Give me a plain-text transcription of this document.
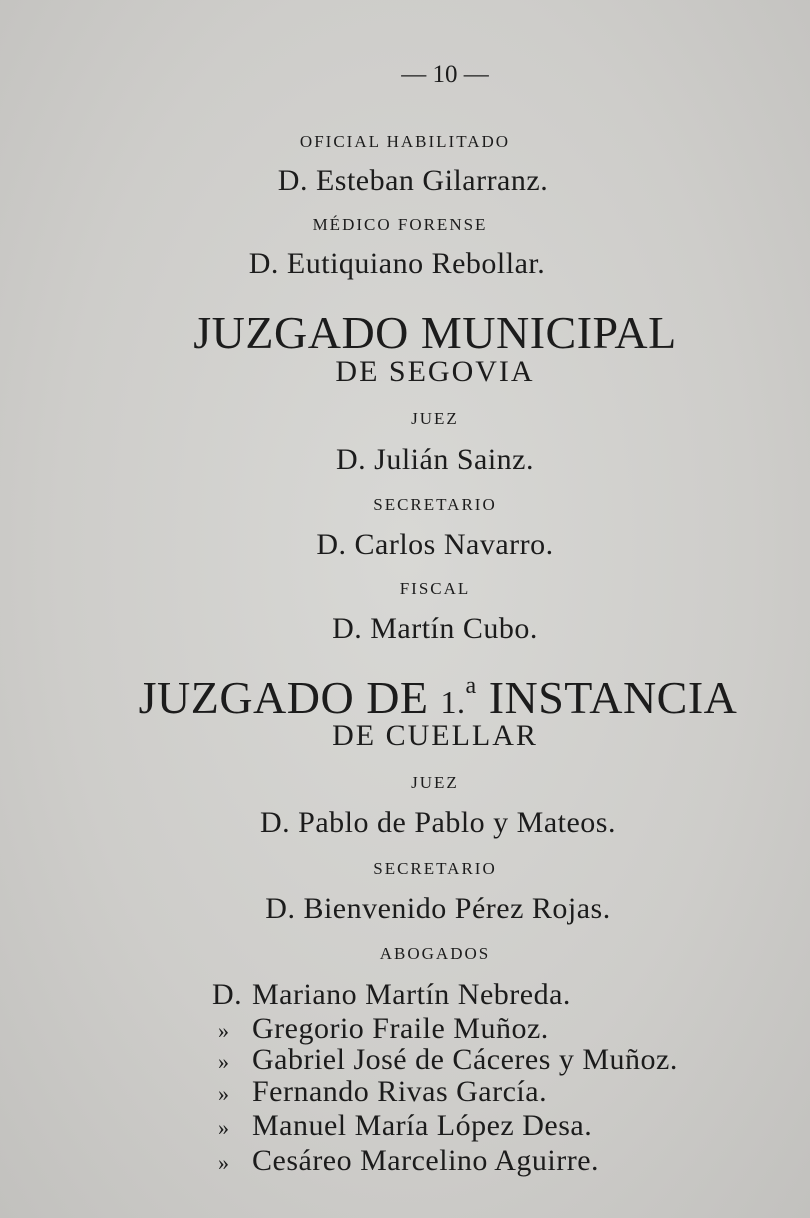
— 10 —
OFICIAL HABILITADO
D. Esteban Gilarranz.
MÉDICO FORENSE
D. Eutiquiano Rebollar.
JUZGADO MUNICIPAL
DE SEGOVIA
JUEZ
D. Julián Sainz.
SECRETARIO
D. Carlos Navarro.
FISCAL
D. Martín Cubo.
JUZGADO DE 1.$^a$ INSTANCIA
DE CUELLAR
JUEZ
D. Pablo de Pablo y Mateos.
SECRETARIO
D. Bienvenido Pérez Rojas.
ABOGADOS
D. Mariano Martín Nebreda.
» Gregorio Fraile Muñoz.
» Gabriel José de Cáceres y Muñoz.
» Fernando Rivas García.
» Manuel María López Desa.
» Cesáreo Marcelino Aguirre.
